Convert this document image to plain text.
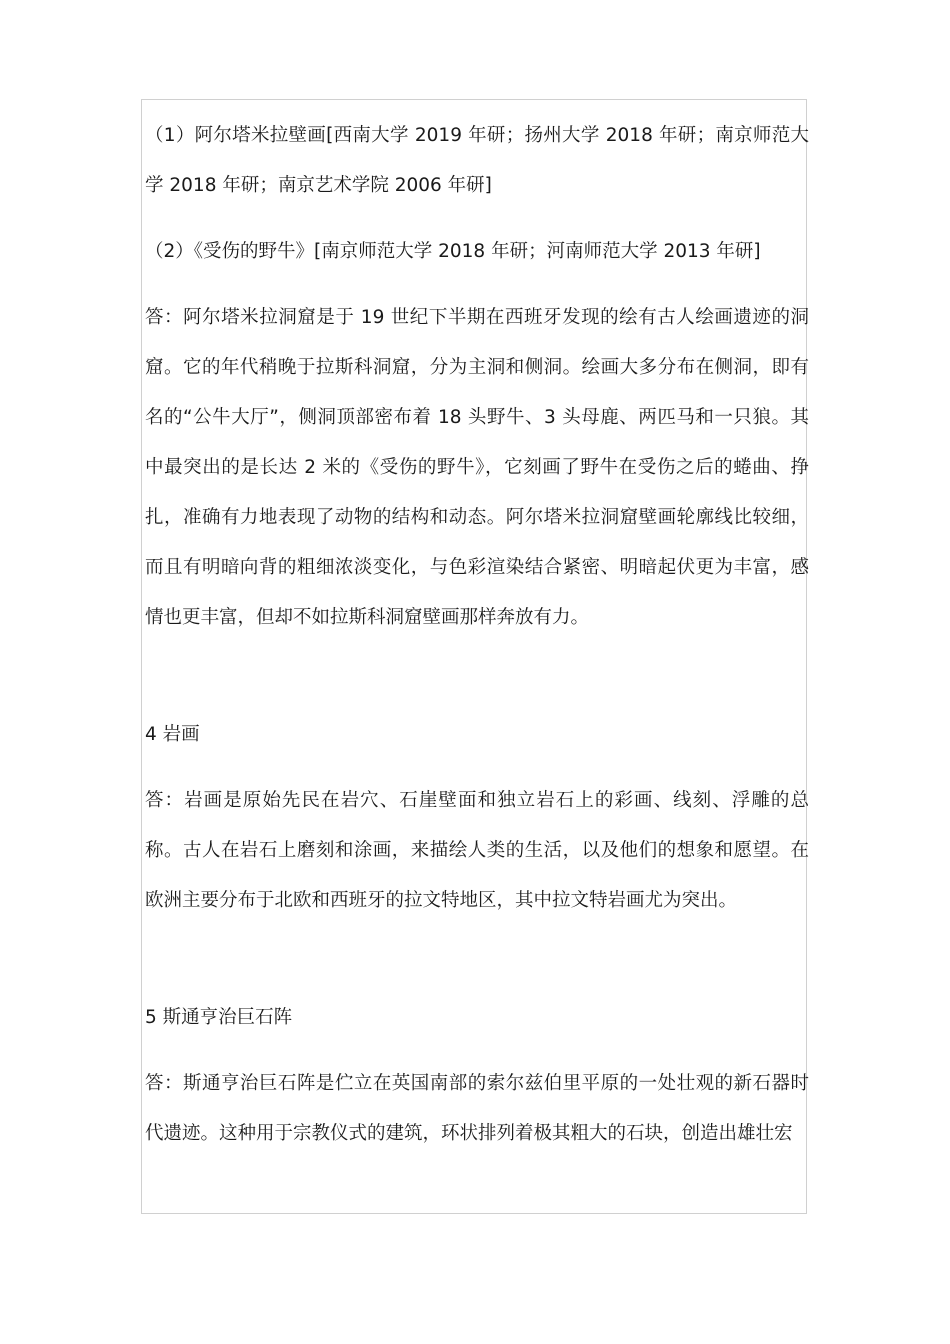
（1）阿尔塔米拉壁画[西南大学 2019 年研；扬州大学 2018 年研；南京师范大学 2018 年研；南京艺术学院 2006 年研]

（2）《受伤的野牛》[南京师范大学 2018 年研；河南师范大学 2013 年研]

答：阿尔塔米拉洞窟是于 19 世纪下半期在西班牙发现的绘有古人绘画遗迹的洞窟。它的年代稍晚于拉斯科洞窟，分为主洞和侧洞。绘画大多分布在侧洞，即有名的“公牛大厅”，侧洞顶部密布着 18 头野牛、3 头母鹿、两匹马和一只狼。其中最突出的是长达 2 米的《受伤的野牛》，它刻画了野牛在受伤之后的蜷曲、挣扎，准确有力地表现了动物的结构和动态。阿尔塔米拉洞窟壁画轮廓线比较细，而且有明暗向背的粗细浓淡变化，与色彩渲染结合紧密、明暗起伏更为丰富，感情也更丰富，但却不如拉斯科洞窟壁画那样奔放有力。

4 岩画

答：岩画是原始先民在岩穴、石崖壁面和独立岩石上的彩画、线刻、浮雕的总称。古人在岩石上磨刻和涂画，来描绘人类的生活，以及他们的想象和愿望。在欧洲主要分布于北欧和西班牙的拉文特地区，其中拉文特岩画尤为突出。

5 斯通亨治巨石阵

答：斯通亨治巨石阵是伫立在英国南部的索尔兹伯里平原的一处壮观的新石器时代遗迹。这种用于宗教仪式的建筑，环状排列着极其粗大的石块，创造出雄壮宏
